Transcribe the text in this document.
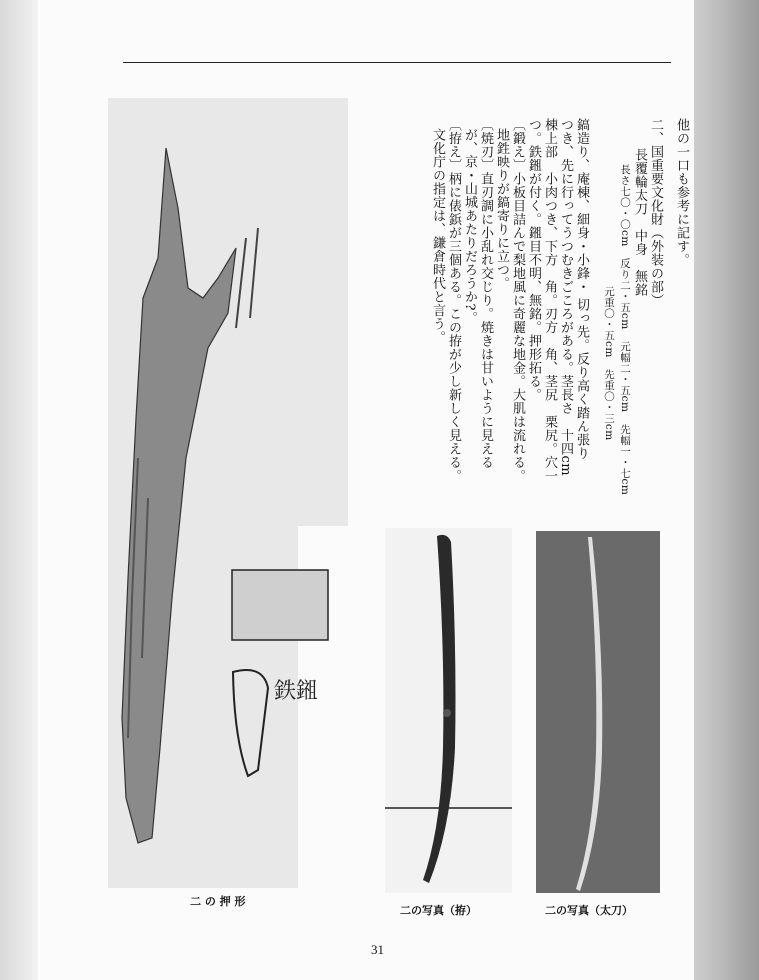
他の一口も参考に記す。
二、国重要文化財（外装の部）
長覆輪太刀　中身　無銘
長さ七〇・〇cm　反り二・五cm　元幅二・五cm　先幅一・七cm
元重〇・五cm　先重〇・三cm
鎬造り、庵棟、細身・小鋒・ 切っ先。反り高く踏ん張り
つき、先に行ってうつむきごころがある。茎長さ　十四cm
棟上部　小肉つき、下方　角。刃方　角、茎尻　栗尻。穴一
つ。鉄鎺が付く。鎺目不明、無銘。押形拓る。
〔鍛え〕小板目詰んで梨地風に奇麗な地金。大肌は流れる。
地鉎映りが鎬寄りに立つ。
〔焼刃〕直刃調に小乱れ交じり。焼きは甘いように見える
が、京・山城あたりだろうか?。
〔拵え〕柄に俵鋲が三個ある。この拵が少し新しく見える。
文化庁の指定は、鎌倉時代と言う。
鉄鎺
二 の 押 形
二の写真（拵）	二の写真（太刀）
31
